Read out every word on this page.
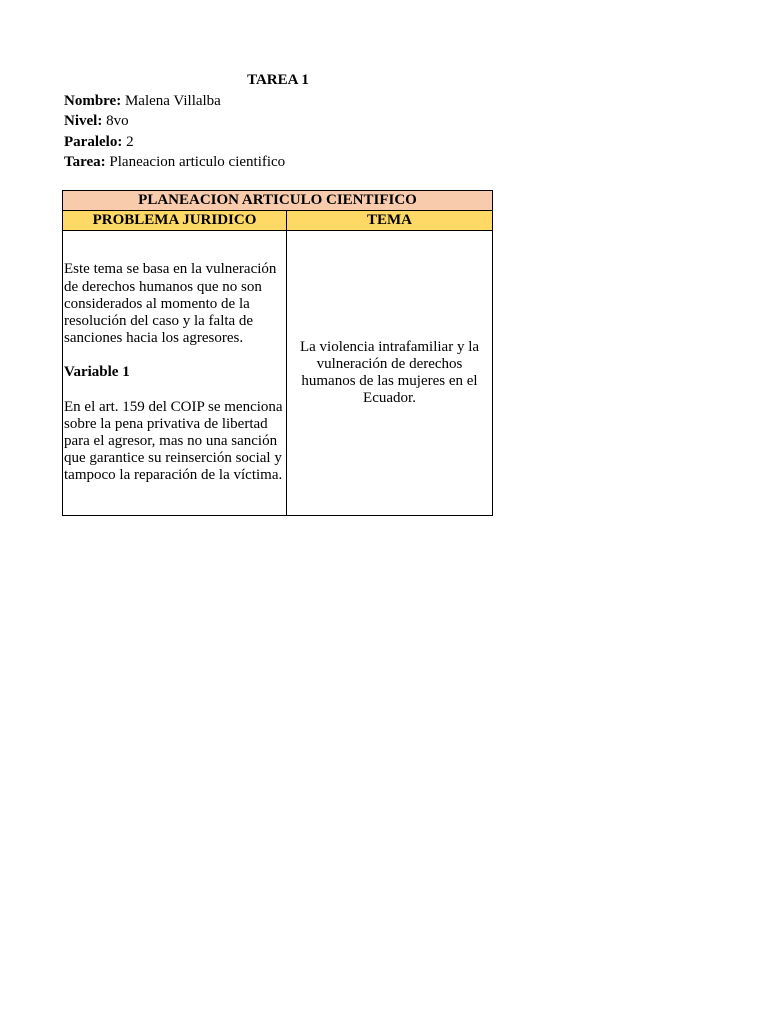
TAREA 1
Nombre: Malena Villalba
Nivel: 8vo
Paralelo: 2
Tarea: Planeacion articulo cientifico
PLANEACION ARTICULO CIENTIFICO	
PROBLEMA JURIDICO	TEMA

Este tema se basa en la vulneración de derechos humanos que no son considerados al momento de la resolución del caso y la falta de sanciones hacia los agresores.

Variable 1

En el art. 159 del COIP se menciona sobre la pena privativa de libertad para el agresor, mas no una sanción que garantice su reinserción social y tampoco la reparación de la víctima.	La violencia intrafamiliar y la vulneración de derechos humanos de las mujeres en el Ecuador.
